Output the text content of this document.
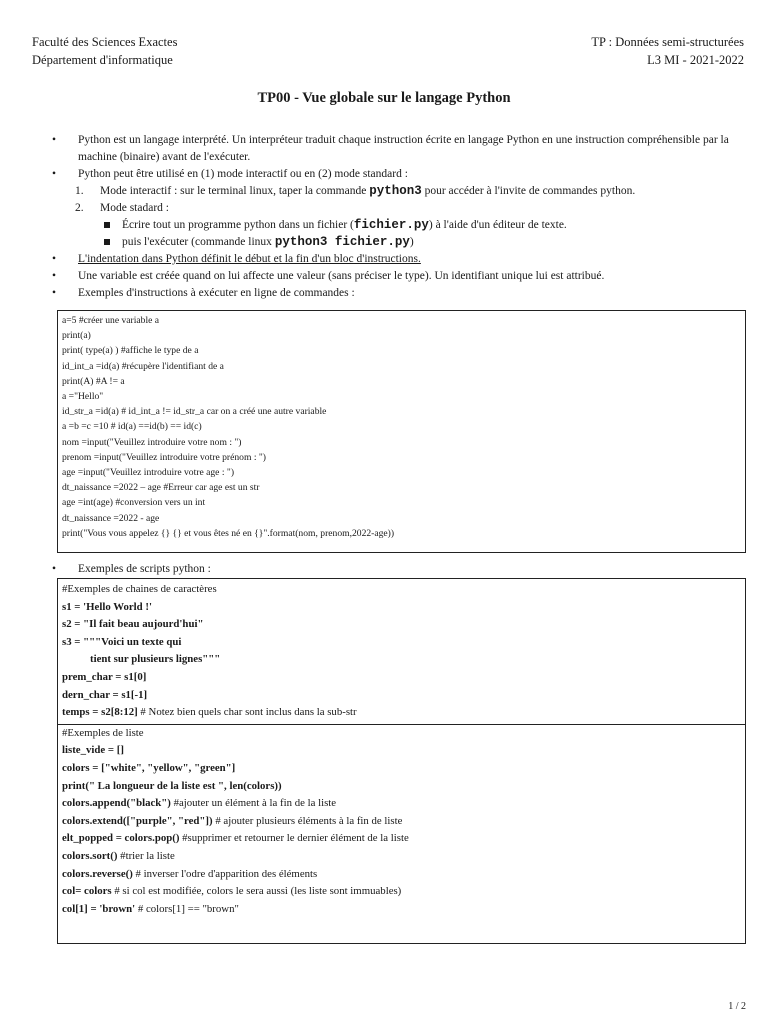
Faculté des Sciences Exactes
Département d'informatique
TP : Données semi-structurées
L3 MI - 2021-2022
TP00 - Vue globale sur le langage Python
• Python est un langage interprété. Un interpréteur traduit chaque instruction écrite en langage Python en une instruction compréhensible par la machine (binaire) avant de l'exécuter.
• Python peut être utilisé en (1) mode interactif ou en (2) mode standard :
1. Mode interactif : sur le terminal linux, taper la commande python3 pour accéder à l'invite de commandes python.
2. Mode stadard :
Écrire tout un programme python dans un fichier (fichier.py) à l'aide d'un éditeur de texte.
puis l'exécuter (commande linux python3 fichier.py)
• L'indentation dans Python définit le début et la fin d'un bloc d'instructions.
• Une variable est créée quand on lui affecte une valeur (sans préciser le type). Un identifiant unique lui est attribué.
• Exemples d'instructions à exécuter en ligne de commandes :
a=5 #créer une variable a
print(a)
print( type(a) ) #affiche le type de a
id_int_a =id(a) #récupère l'identifiant de a
print(A) #A != a
a ="Hello"
id_str_a =id(a) # id_int_a != id_str_a car on a créé une autre variable
a =b =c =10 # id(a) ==id(b) == id(c)
nom =input("Veuillez introduire votre nom : ")
prenom =input("Veuillez introduire votre prénom : ")
age =input("Veuillez introduire votre age : ")
dt_naissance =2022 – age #Erreur car age est un str
age =int(age) #conversion vers un int
dt_naissance =2022 - age
print("Vous vous appelez {} {} et vous êtes né en {}".format(nom, prenom,2022-age))
• Exemples de scripts python :
#Exemples de chaines de caractères
s1 = 'Hello World !'
s2 = "Il fait beau aujourd'hui"
s3 = """Voici un texte qui
tient sur plusieurs lignes"""
prem_char = s1[0]
dern_char = s1[-1]
temps = s2[8:12] # Notez bien quels char sont inclus dans la sub-str
#Exemples de liste
liste_vide = []
colors = ["white", "yellow", "green"]
print(" La longueur de la liste est ", len(colors))
colors.append("black") #ajouter un élément à la fin de la liste
colors.extend(["purple", "red"]) # ajouter plusieurs éléments à la fin de liste
elt_popped = colors.pop() #supprimer et retourner le dernier élément de la liste
colors.sort() #trier la liste
colors.reverse() # inverser l'odre d'apparition des éléments
col= colors # si col est modifiée, colors le sera aussi (les liste sont immuables)
col[1] = 'brown' # colors[1] == "brown"
1 / 2
